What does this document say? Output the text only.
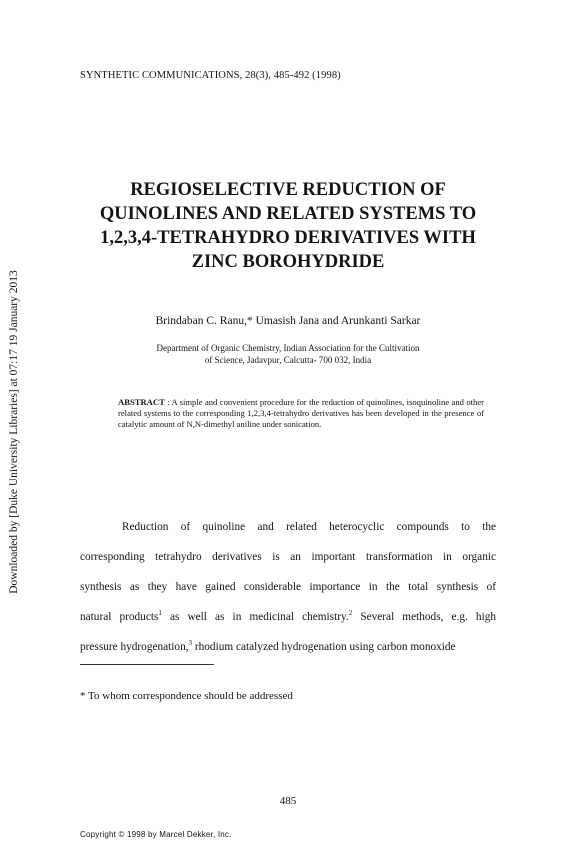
SYNTHETIC COMMUNICATIONS, 28(3), 485-492 (1998)
Downloaded by [Duke University Libraries] at 07:17 19 January 2013
REGIOSELECTIVE REDUCTION OF
QUINOLINES AND RELATED SYSTEMS TO
1,2,3,4-TETRAHYDRO DERIVATIVES WITH
ZINC BOROHYDRIDE
Brindaban C. Ranu,* Umasish Jana and Arunkanti Sarkar
Department of Organic Chemistry, Indian Association for the Cultivation
of Science, Jadavpur, Calcutta- 700 032, India
ABSTRACT : A simple and convenient procedure for the reduction of quinolines, isoquinoline and other related systems to the corresponding 1,2,3,4-tetrahydro derivatives has been developed in the presence of catalytic amount of N,N-dimethyl aniline under sonication.
Reduction of quinoline and related heterocyclic compounds to the
corresponding tetrahydro derivatives is an important transformation in organic
synthesis as they have gained considerable importance in the total synthesis of
natural products$^1$ as well as in medicinal chemistry.$^2$ Several methods, e.g. high
pressure hydrogenation,$^3$ rhodium catalyzed hydrogenation using carbon monoxide
* To whom correspondence should be addressed
485
Copyright © 1998 by Marcel Dekker, Inc.
